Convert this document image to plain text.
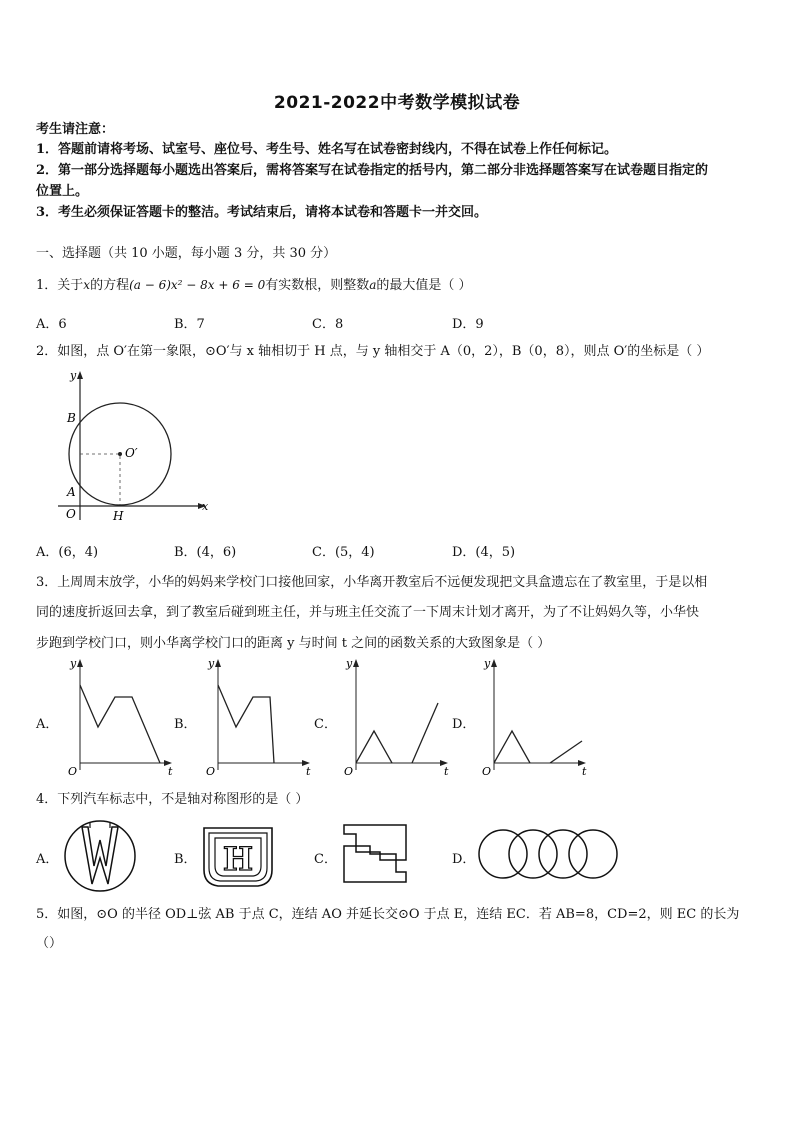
2021-2022中考数学模拟试卷
考生请注意：
1．答题前请将考场、试室号、座位号、考生号、姓名写在试卷密封线内，不得在试卷上作任何标记。
2．第一部分选择题每小题选出答案后，需将答案写在试卷指定的括号内，第二部分非选择题答案写在试卷题目指定的
位置上。
3．考生必须保证答题卡的整洁。考试结束后，请将本试卷和答题卡一并交回。
一、选择题（共 10 小题，每小题 3 分，共 30 分）
1．关于x的方程(a − 6)x² − 8x + 6 = 0有实数根，则整数a的最大值是（ ）
A．6	B．7	C．8	D．9
2．如图，点 O′在第一象限，⊙O′与 x 轴相切于 H 点，与 y 轴相交于 A（0，2），B（0，8），则点 O′的坐标是（ ）
y
x
B
A
O	H
O′
A．(6，4)	B．(4，6)	C．(5，4)	D．(4，5)
3．上周周末放学，小华的妈妈来学校门口接他回家，小华离开教室后不远便发现把文具盒遗忘在了教室里，于是以相
同的速度折返回去拿，到了教室后碰到班主任，并与班主任交流了一下周末计划才离开，为了不让妈妈久等，小华快
步跑到学校门口，则小华离学校门口的距离 y 与时间 t 之间的函数关系的大致图象是（ ）
A．
y
t
O
B．
y
t
O
C．
y
t
O
D．
y
t
O
4．下列汽车标志中，不是轴对称图形的是（ ）
A．	B． H	C．	D．
5．如图，⊙O 的半径 OD⊥弦 AB 于点 C，连结 AO 并延长交⊙O 于点 E，连结 EC．若 AB=8，CD=2，则 EC 的长为
（）
